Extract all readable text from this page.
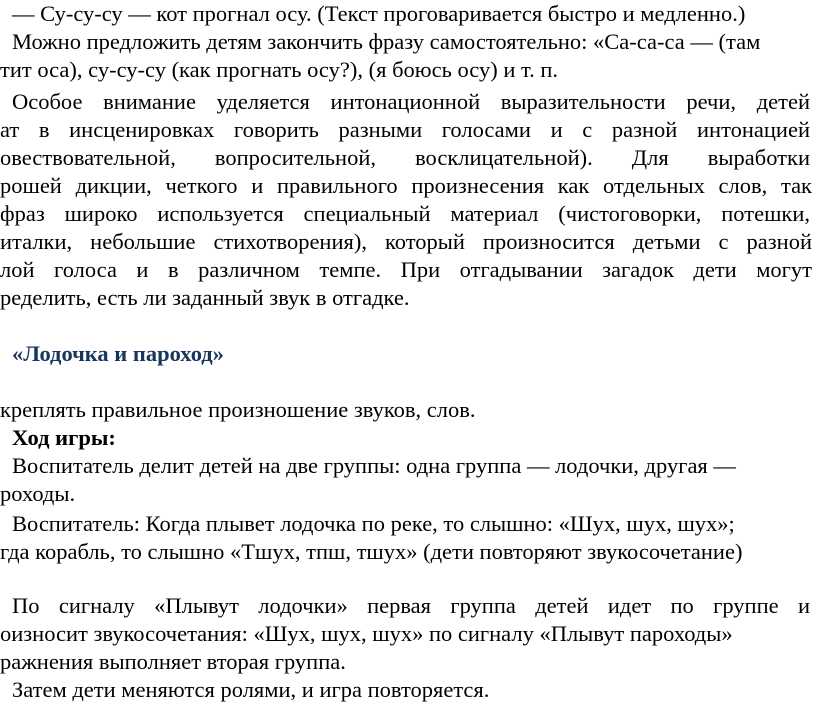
— Су-су-су — кот прогнал осу. (Текст проговаривается быстро и медленно.)
Можно предложить детям закончить фразу самостоятельно: «Са-са-са — (там
тит оса), су-су-су (как прогнать осу?), (я боюсь осу) и т. п.
Особое внимание уделяется интонационной выразительности речи, детей
ат в инсценировках говорить разными голосами и с разной интонацией
овествовательной, вопросительной, восклицательной). Для выработки
рошей дикции, четкого и правильного произнесения как отдельных слов, так
фраз широко используется специальный материал (чистоговорки, потешки,
италки, небольшие стихотворения), который произносится детьми с разной
лой голоса и в различном темпе. При отгадывании загадок дети могут
ределить, есть ли заданный звук в отгадке.
«Лодочка и пароход»

креплять правильное произношение звуков, слов.
Ход игры:
Воспитатель делит детей на две группы: одна группа — лодочки, другая —
роходы.
Воспитатель: Когда плывет лодочка по реке, то слышно: «Шух, шух, шух»;
гда корабль, то слышно «Тшух, тпш, тшух» (дети повторяют звукосочетание)
По сигналу «Плывут лодочки» первая группа детей идет по группе и
оизносит звукосочетания: «Шух, шух, шух» по сигналу «Плывут пароходы»
ражнения выполняет вторая группа.
Затем дети меняются ролями, и игра повторяется.
